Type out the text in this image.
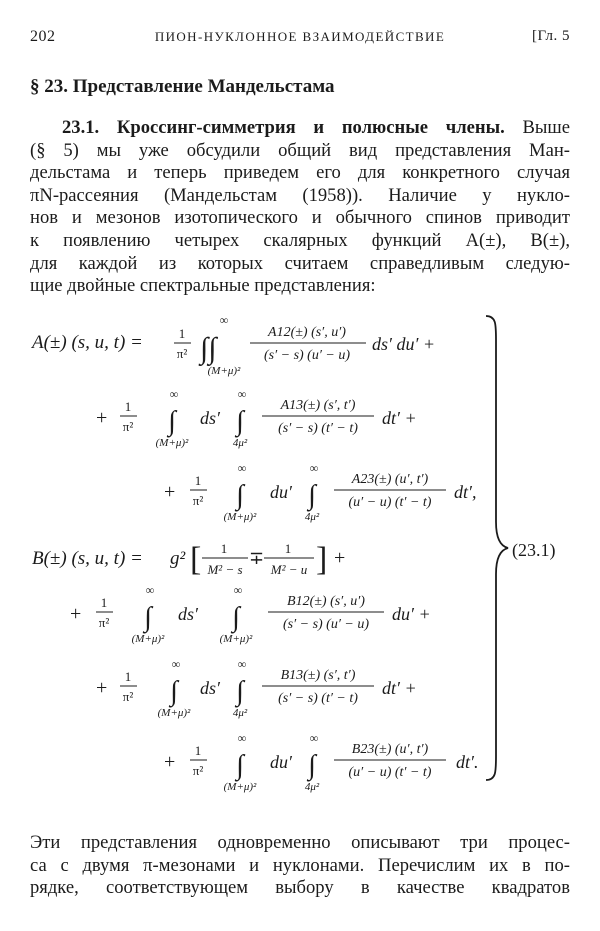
202	ПИОН-НУКЛОННОЕ ВЗАИМОДЕЙСТВИЕ	[Гл. 5
§ 23. Представление Мандельстама
23.1. Кроссинг-симметрия и полюсные члены. Выше
(§ 5) мы уже обсудили общий вид представления Ман-
дельстама и теперь приведем его для конкретного случая
πN-рассеяния (Мандельстам (1958)). Наличие у нукло-
нов и мезонов изотопического и обычного спинов приводит
к появлению четырех скалярных функций A(±), B(±),
для каждой из которых считаем справедливым следую-
щие двойные спектральные представления:
(23.1)
A(±) (s, u, t) =	1
π² ∫∫
∞
(M+μ)²
A12(±) (s′, u′)
(s′ − s) (u′ − u)
ds′ du′ +
+
1
π² ∫
∞
(M+μ)²
ds′ ∫
∞
4μ²
A13(±) (s′, t′)
(s′ − s) (t′ − t)
dt′ +
+
1
π² ∫
∞
(M+μ)²
du′ ∫
∞
4μ²
A23(±) (u′, t′)
(u′ − u) (t′ − t)
dt′,
B(±) (s, u, t) = g² [ 1
M² − s
∓ 1
M² − u ] +
+
1
π² ∫
∞
(M+μ)²
ds′ ∫
∞
(M+μ)²
B12(±) (s′, u′)
(s′ − s) (u′ − u)
du′ +
+
1
π² ∫
∞
(M+μ)²
ds′ ∫
∞
4μ²
B13(±) (s′, t′)
(s′ − s) (t′ − t)
dt′ +
+
1
π² ∫
∞
(M+μ)²
du′ ∫
∞
4μ²
B23(±) (u′, t′)
(u′ − u) (t′ − t)
dt′.
Эти представления одновременно описывают три процес-
са с двумя π-мезонами и нуклонами. Перечислим их в по-
рядке, соответствующем выбору в качестве квадратов
